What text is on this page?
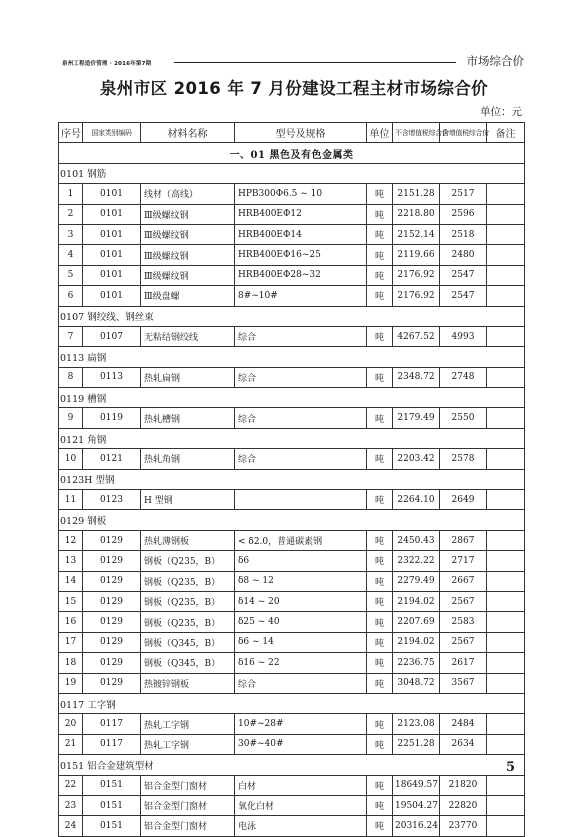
泉州工程造价管理 · 2016年第7期	市场综合价
泉州市区 2016 年 7 月份建设工程主材市场综合价
单位：元
序号	国家类别编码	材料名称	型号及规格	单位	不含增值税综合价	含增值税综合价	备注
一、01 黑色及有色金属类							
0101 钢筋							
1	0101	线材（高线）	HPB300Φ6.5 ~ 10	吨	2151.28	2517	
2	0101	Ⅲ级螺纹钢	HRB400EΦ12	吨	2218.80	2596	
3	0101	Ⅲ级螺纹钢	HRB400EΦ14	吨	2152.14	2518	
4	0101	Ⅲ级螺纹钢	HRB400EΦ16~25	吨	2119.66	2480	
5	0101	Ⅲ级螺纹钢	HRB400EΦ28~32	吨	2176.92	2547	
6	0101	Ⅲ级盘螺	8#~10#	吨	2176.92	2547	
0107 钢绞线、钢丝束							
7	0107	无粘结钢绞线	综合	吨	4267.52	4993	
0113 扁钢							
8	0113	热轧扁钢	综合	吨	2348.72	2748	
0119 槽钢							
9	0119	热轧槽钢	综合	吨	2179.49	2550	
0121 角钢							
10	0121	热轧角钢	综合	吨	2203.42	2578	
0123H 型钢							
11	0123	H 型钢		吨	2264.10	2649	
0129 钢板							
12	0129	热轧薄钢板	< δ2.0，普通碳素钢	吨	2450.43	2867	
13	0129	钢板（Q235，B）	δ6	吨	2322.22	2717	
14	0129	钢板（Q235，B）	δ8 ~ 12	吨	2279.49	2667	
15	0129	钢板（Q235，B）	δ14 ~ 20	吨	2194.02	2567	
16	0129	钢板（Q235，B）	δ25 ~ 40	吨	2207.69	2583	
17	0129	钢板（Q345，B）	δ6 ~ 14	吨	2194.02	2567	
18	0129	钢板（Q345，B）	δ16 ~ 22	吨	2236.75	2617	
19	0129	热镀锌钢板	综合	吨	3048.72	3567	
0117 工字钢							
20	0117	热轧工字钢	10#~28#	吨	2123.08	2484	
21	0117	热轧工字钢	30#~40#	吨	2251.28	2634	
0151 铝合金建筑型材							
22	0151	铝合金型门窗材	白材	吨	18649.57	21820	
23	0151	铝合金型门窗材	氧化白材	吨	19504.27	22820	
24	0151	铝合金型门窗材	电泳	吨	20316.24	23770	
5
